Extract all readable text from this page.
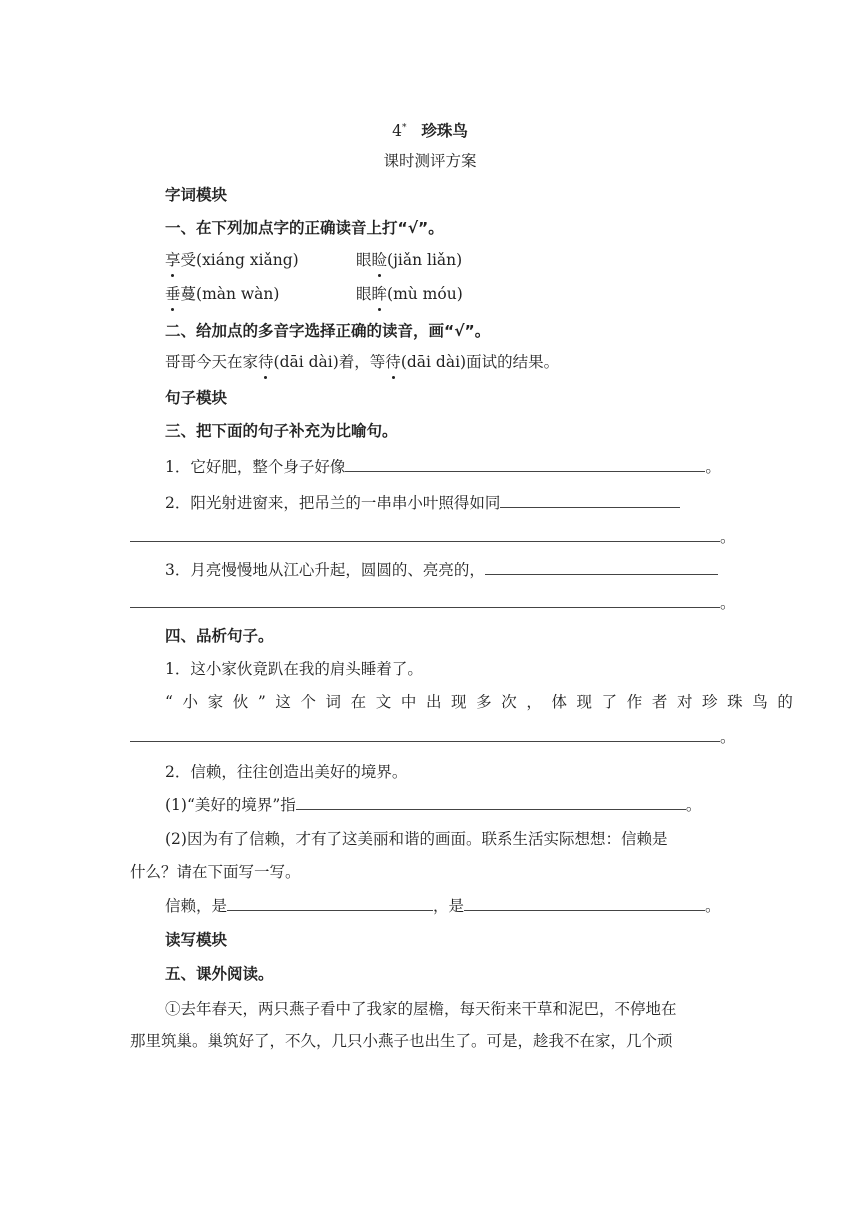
4* 珍珠鸟
课时测评方案
字词模块
一、在下列加点字的正确读音上打“√”。
享受(xiáng xiǎng)	眼睑(jiǎn liǎn)
垂蔓(màn wàn)	眼眸(mù móu)
二、给加点的多音字选择正确的读音，画“√”。
哥哥今天在家待(dāi dài)着，等待(dāi dài)面试的结果。
句子模块
三、把下面的句子补充为比喻句。
1．它好肥，整个身子好像	。
2．阳光射进窗来，把吊兰的一串串小叶照得如同
。
3．月亮慢慢地从江心升起，圆圆的、亮亮的，
。
四、品析句子。
1．这小家伙竟趴在我的肩头睡着了。
“小家伙”这个词在文中出现多次，体现了作者对珍珠鸟的
。
2．信赖，往往创造出美好的境界。
(1)“美好的境界”指	。
(2)因为有了信赖，才有了这美丽和谐的画面。联系生活实际想想：信赖是
什么？请在下面写一写。
信赖，是	，是	。
读写模块
五、课外阅读。
①去年春天，两只燕子看中了我家的屋檐，每天衔来干草和泥巴，不停地在
那里筑巢。巢筑好了，不久，几只小燕子也出生了。可是，趁我不在家，几个顽
